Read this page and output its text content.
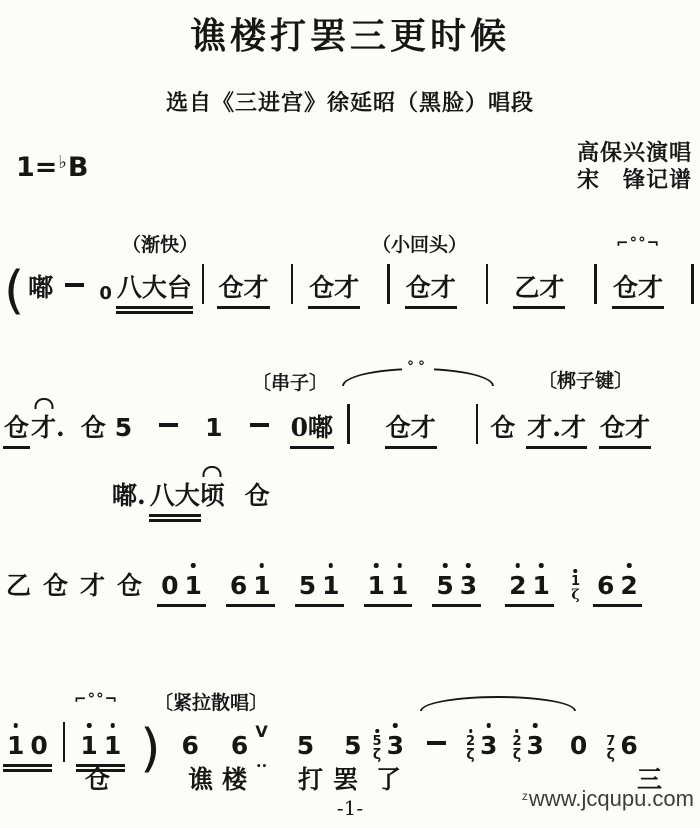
谯楼打罢三更时候
选自《三进宫》徐延昭（黑脸）唱段
1=♭B	高保兴演唱
宋　锋记谱
（渐快）	（小回头）	⌐°°¬
( 嘟	0 八大台 仓才 仓才 仓才 乙才 仓才
〔串子〕
°°
〔梆子键〕
仓
才
. 仓 5	1	0嘟 仓才 仓 才.才 仓才
嘟. 八大
顷 仓
乙 仓 才 仓 0 1 6 1 5 1 1 1 5 3 2 1 1
ζ 6 2
⌐°°¬ 〔紧拉散唱〕
1 0 1 1 ) 6 6 V 5 5 5
ζ 3	2
ζ 3 2
ζ 3 0 7
ζ 6
仓	谯 楼 ·· 打 罢 了	三
-1-	$^z$www.jcqupu.com
